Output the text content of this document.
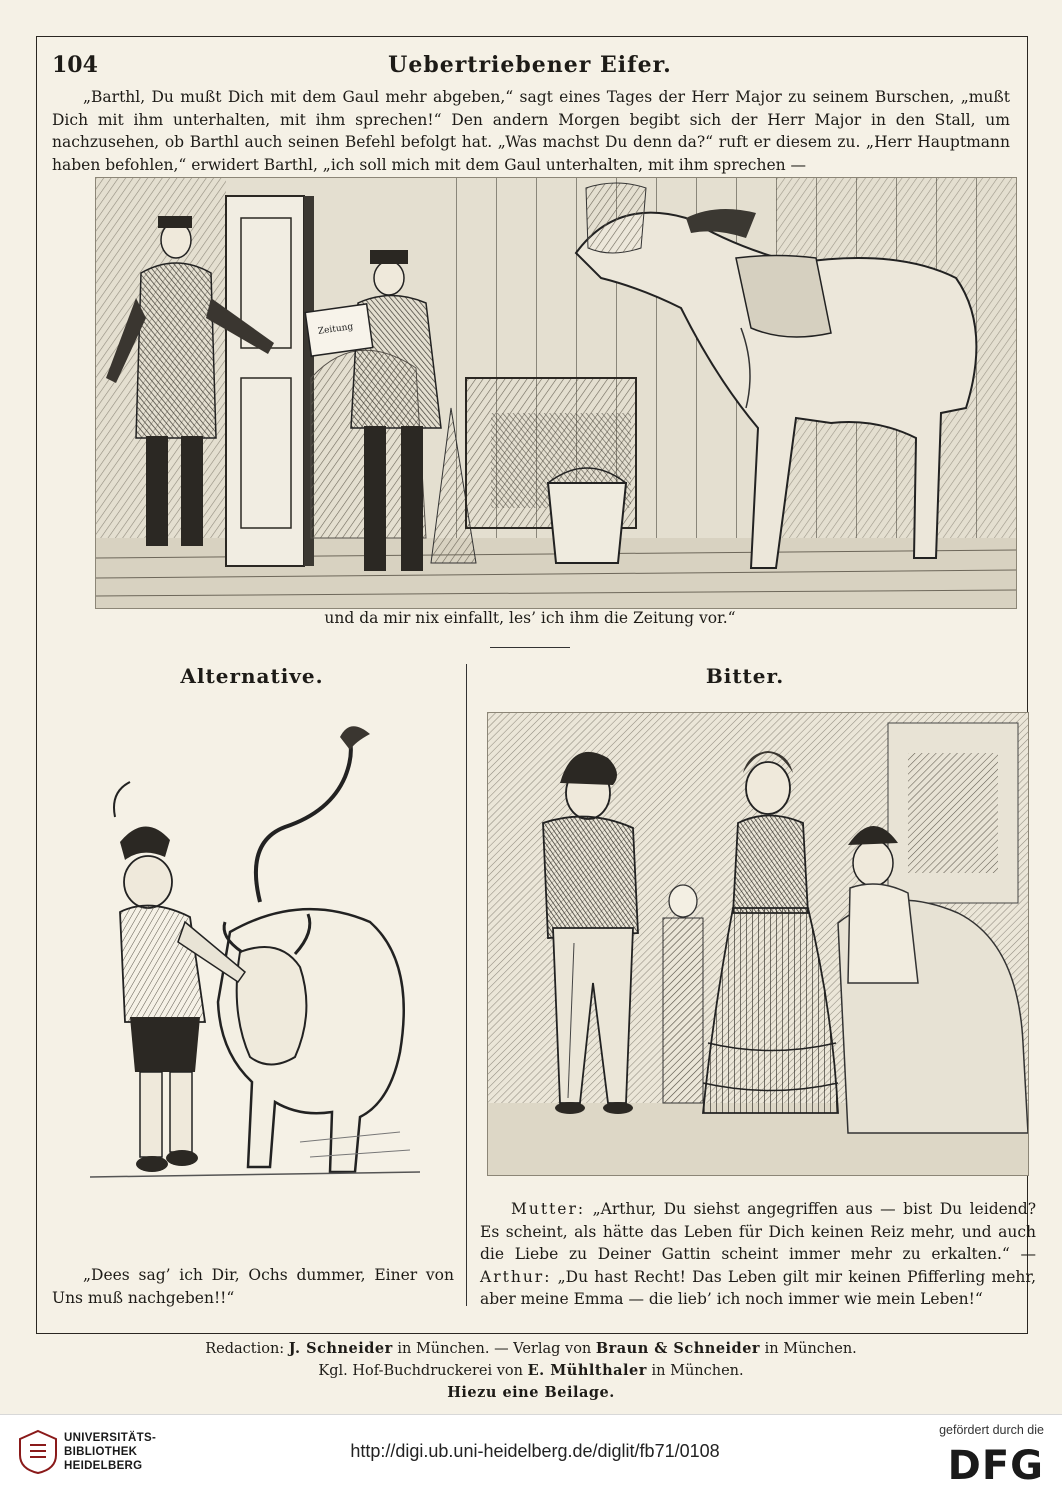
104	Uebertriebener Eifer.

„Barthl, Du mußt Dich mit dem Gaul mehr abgeben,“ sagt eines Tages der Herr Major zu seinem Burschen, „mußt Dich mit ihm unterhalten, mit ihm sprechen!“ Den andern Morgen begibt sich der Herr Major in den Stall, um nachzusehen, ob Barthl auch seinen Befehl befolgt hat. „Was machst Du denn da?“ ruft er diesem zu. „Herr Hauptmann haben befohlen,“ erwidert Barthl, „ich soll mich mit dem Gaul unterhalten, mit ihm sprechen —

Zeitung
und da mir nix einfallt, les’ ich ihm die Zeitung vor.“
Alternative.	Bitter.

„Dees sag’ ich Dir, Ochs dummer, Einer von Uns muß nachgeben!!“

Mutter: „Arthur, Du siehst angegriffen aus — bist Du leidend? Es scheint, als hätte das Leben für Dich keinen Reiz mehr, und auch die Liebe zu Deiner Gattin scheint immer mehr zu erkalten.“ — Arthur: „Du hast Recht! Das Leben gilt mir keinen Pfifferling mehr, aber meine Emma — die lieb’ ich noch immer wie mein Leben!“

Redaction: J. Schneider in München. — Verlag von Braun & Schneider in München.
Kgl. Hof-Buchdruckerei von E. Mühlthaler in München.
Hiezu eine Beilage.
UNIVERSITÄTS-
BIBLIOTHEK
HEIDELBERG
http://digi.ub.uni-heidelberg.de/diglit/fb71/0108
gefördert durch die
DFG
